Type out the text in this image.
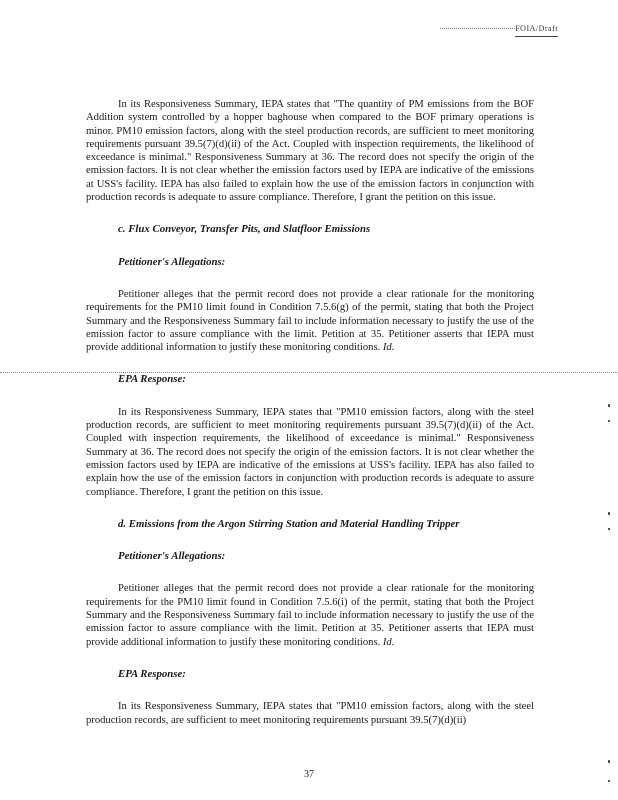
FOIA/Draft

In its Responsiveness Summary, IEPA states that "The quantity of PM emissions from the BOF Addition system controlled by a hopper baghouse when compared to the BOF primary operations is minor. PM10 emission factors, along with the steel production records, are sufficient to meet monitoring requirements pursuant 39.5(7)(d)(ii) of the Act. Coupled with inspection requirements, the likelihood of exceedance is minimal." Responsiveness Summary at 36. The record does not specify the origin of the emission factors. It is not clear whether the emission factors used by IEPA are indicative of the emissions at USS's facility. IEPA has also failed to explain how the use of the emission factors in conjunction with production records is adequate to assure compliance. Therefore, I grant the petition on this issue.

c. Flux Conveyor, Transfer Pits, and Slatfloor Emissions

Petitioner's Allegations:

Petitioner alleges that the permit record does not provide a clear rationale for the monitoring requirements for the PM10 limit found in Condition 7.5.6(g) of the permit, stating that both the Project Summary and the Responsiveness Summary fail to include information necessary to justify the use of the emission factor to assure compliance with the limit. Petition at 35. Petitioner asserts that IEPA must provide additional information to justify these monitoring conditions. Id.

EPA Response:

In its Responsiveness Summary, IEPA states that "PM10 emission factors, along with the steel production records, are sufficient to meet monitoring requirements pursuant 39.5(7)(d)(ii) of the Act. Coupled with inspection requirements, the likelihood of exceedance is minimal." Responsiveness Summary at 36. The record does not specify the origin of the emission factors. It is not clear whether the emission factors used by IEPA are indicative of the emissions at USS's facility. IEPA has also failed to explain how the use of the emission factors in conjunction with production records is adequate to assure compliance. Therefore, I grant the petition on this issue.

d. Emissions from the Argon Stirring Station and Material Handling Tripper

Petitioner's Allegations:

Petitioner alleges that the permit record does not provide a clear rationale for the monitoring requirements for the PM10 limit found in Condition 7.5.6(i) of the permit, stating that both the Project Summary and the Responsiveness Summary fail to include information necessary to justify the use of the emission factor to assure compliance with the limit. Petition at 35. Petitioner asserts that IEPA must provide additional information to justify these monitoring conditions. Id.

EPA Response:

In its Responsiveness Summary, IEPA states that "PM10 emission factors, along with the steel production records, are sufficient to meet monitoring requirements pursuant 39.5(7)(d)(ii)

37
